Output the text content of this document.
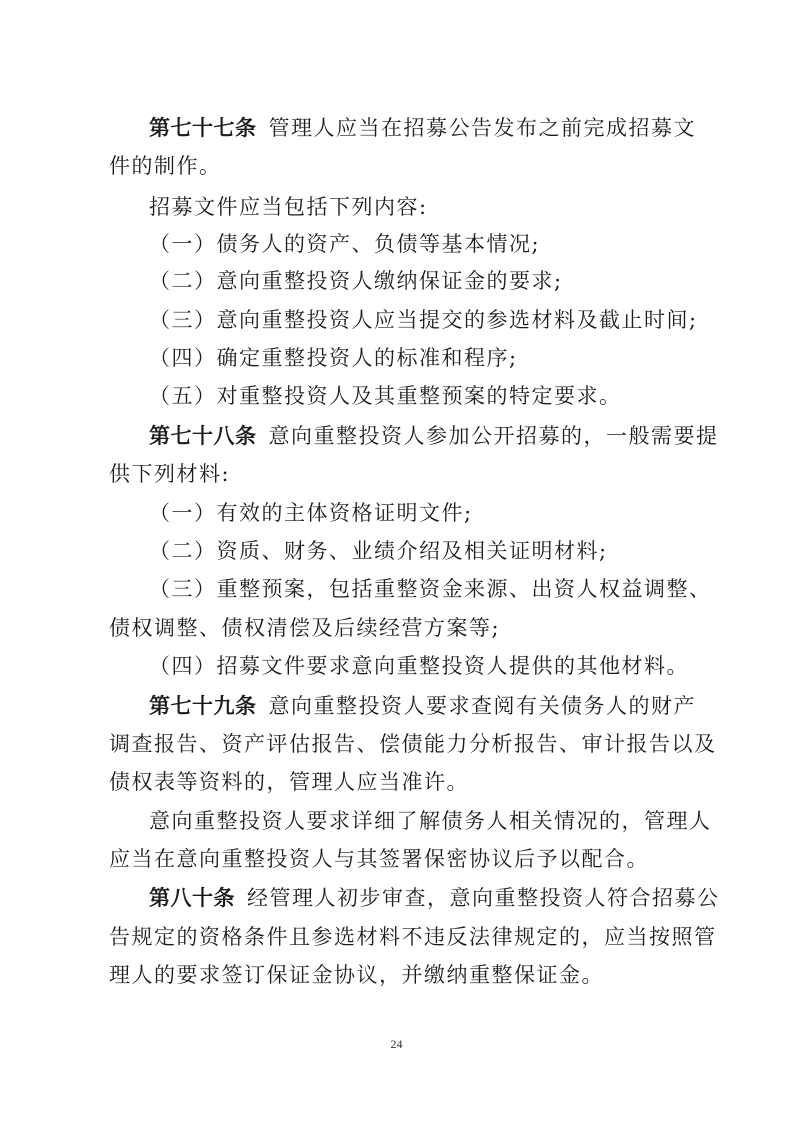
第七十七条 管理人应当在招募公告发布之前完成招募文
件的制作。
招募文件应当包括下列内容:
（一）债务人的资产、负债等基本情况;
（二）意向重整投资人缴纳保证金的要求;
（三）意向重整投资人应当提交的参选材料及截止时间;
（四）确定重整投资人的标准和程序;
（五）对重整投资人及其重整预案的特定要求。
第七十八条 意向重整投资人参加公开招募的，一般需要提
供下列材料:
（一）有效的主体资格证明文件;
（二）资质、财务、业绩介绍及相关证明材料;
（三）重整预案，包括重整资金来源、出资人权益调整、
债权调整、债权清偿及后续经营方案等;
（四）招募文件要求意向重整投资人提供的其他材料。
第七十九条 意向重整投资人要求查阅有关债务人的财产
调查报告、资产评估报告、偿债能力分析报告、审计报告以及
债权表等资料的，管理人应当准许。
意向重整投资人要求详细了解债务人相关情况的，管理人
应当在意向重整投资人与其签署保密协议后予以配合。
第八十条 经管理人初步审查，意向重整投资人符合招募公
告规定的资格条件且参选材料不违反法律规定的，应当按照管
理人的要求签订保证金协议，并缴纳重整保证金。
24
